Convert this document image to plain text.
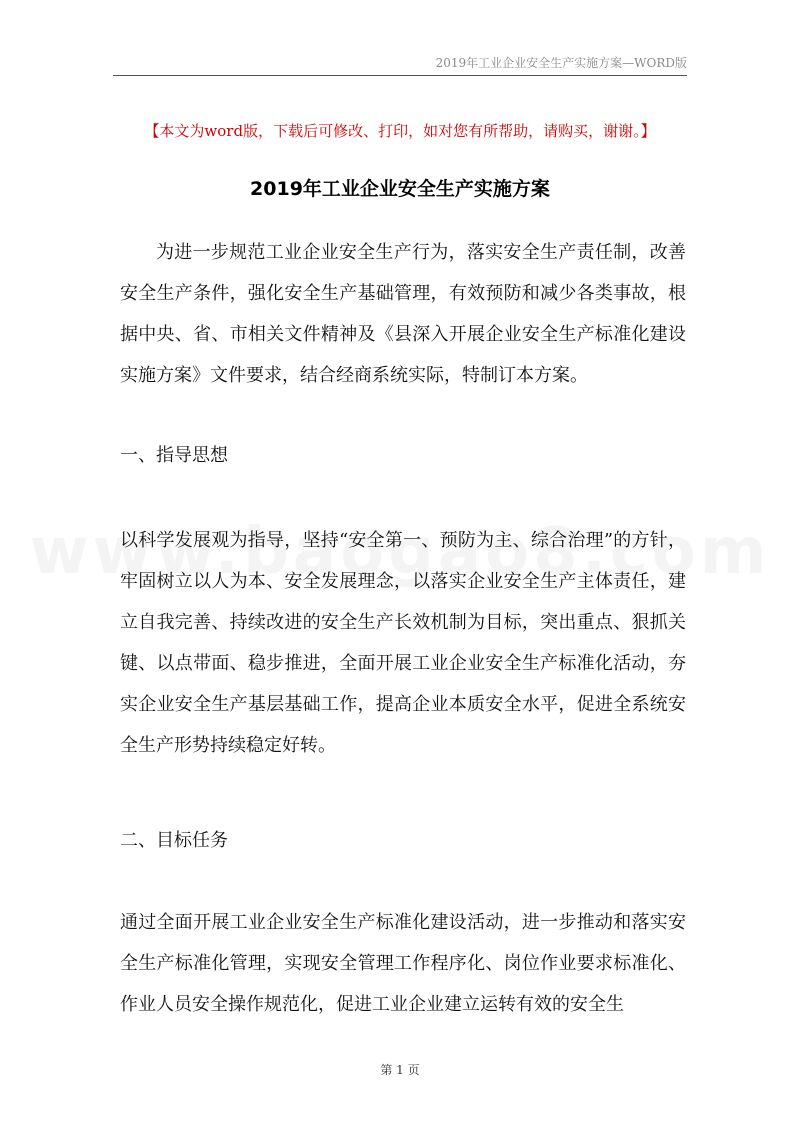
2019年工业企业安全生产实施方案—WORD版
【本文为word版，下载后可修改、打印，如对您有所帮助，请购买，谢谢。】
2019年工业企业安全生产实施方案

为进一步规范工业企业安全生产行为，落实安全生产责任制，改善安全生产条件，强化安全生产基础管理，有效预防和减少各类事故，根据中央、省、市相关文件精神及《县深入开展企业安全生产标准化建设实施方案》文件要求，结合经商系统实际，特制订本方案。

一、指导思想

以科学发展观为指导，坚持“安全第一、预防为主、综合治理”的方针，牢固树立以人为本、安全发展理念，以落实企业安全生产主体责任，建立自我完善、持续改进的安全生产长效机制为目标，突出重点、狠抓关键、以点带面、稳步推进，全面开展工业企业安全生产标准化活动，夯实企业安全生产基层基础工作，提高企业本质安全水平，促进全系统安全生产形势持续稳定好转。

二、目标任务

通过全面开展工业企业安全生产标准化建设活动，进一步推动和落实安全生产标准化管理，实现安全管理工作程序化、岗位作业要求标准化、作业人员安全操作规范化，促进工业企业建立运转有效的安全生

第 1 页
